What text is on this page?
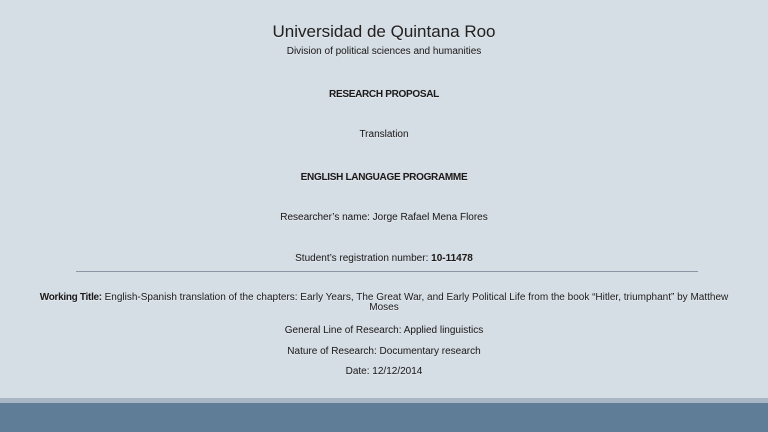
Universidad de Quintana Roo
Division of political sciences and humanities
RESEARCH PROPOSAL
Translation
ENGLISH LANGUAGE PROGRAMME
Researcher’s name: Jorge Rafael Mena Flores
Student’s registration number: 10-11478
Working Title: English-Spanish translation of the chapters: Early Years, The Great War, and Early Political Life from the book “Hitler, triumphant” by Matthew Moses
General Line of Research: Applied linguistics
Nature of Research: Documentary research
Date: 12/12/2014
